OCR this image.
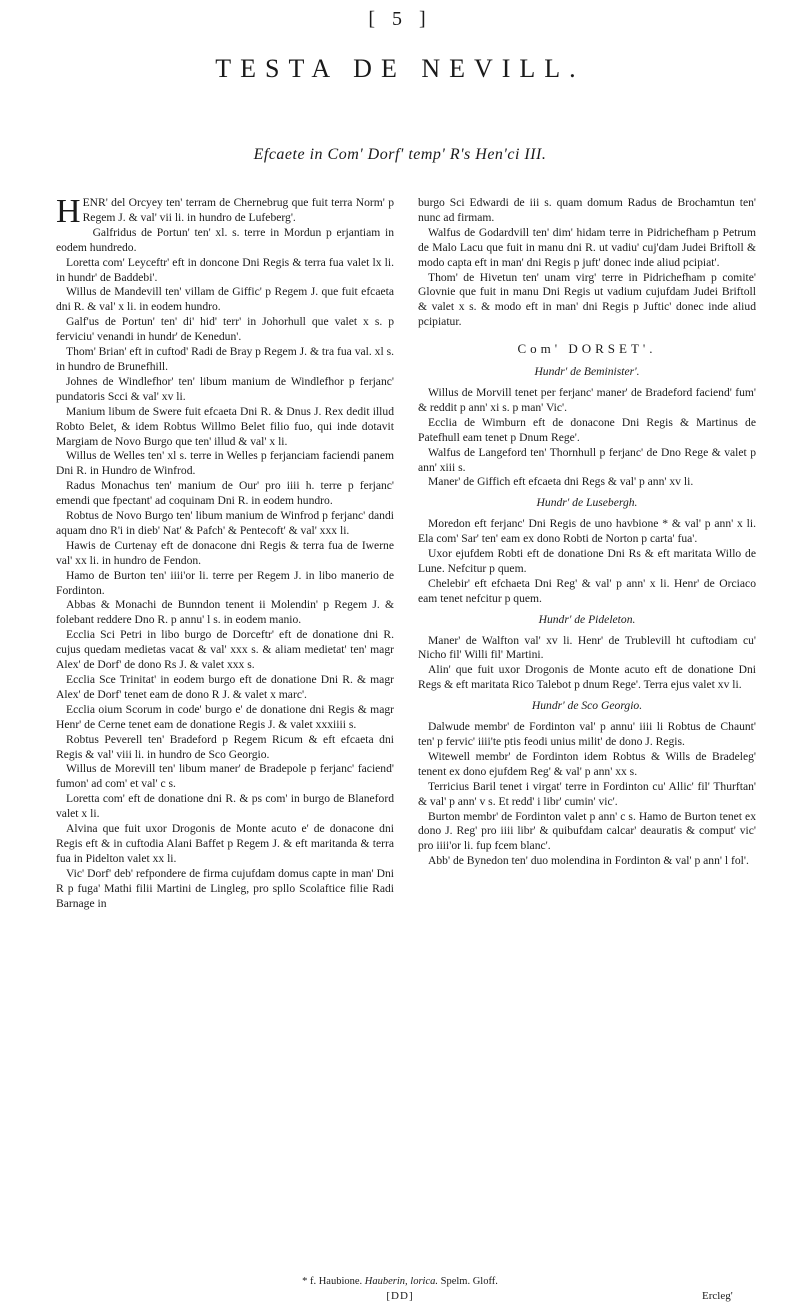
[ 5 ]
TESTA DE NEVILL.
Efcaete in Com' Dorf' temp' R's Hen'ci III.

HENR' del Orcyey ten' terram de Chernebrug que fuit terra Norm' p Regem J. & val' vii li. in hundro de Lufeberg'.

Galfridus de Portun' ten' xl. s. terre in Mordun p erjantiam in eodem hundredo.

Loretta com' Leyceftr' eft in doncone Dni Regis & terra fua valet lx li. in hundr' de Baddebi'.

Willus de Mandevill ten' villam de Giffic' p Regem J. que fuit efcaeta dni R. & val' x li. in eodem hundro.

Galf'us de Portun' ten' di' hid' terr' in Johorhull que valet x s. p ferviciu' venandi in hundr' de Kenedun'.

Thom' Brian' eft in cuftod' Radi de Bray p Regem J. & tra fua val. xl s. in hundro de Brunefhill.

Johnes de Windlefhor' ten' libum manium de Windlefhor p ferjanc' pundatoris Scci & val' xv li.

Manium libum de Swere fuit efcaeta Dni R. & Dnus J. Rex dedit illud Robto Belet, & idem Robtus Willmo Belet filio fuo, qui inde dotavit Margiam de Novo Burgo que ten' illud & val' x li.

Willus de Welles ten' xl s. terre in Welles p ferjanciam faciendi panem Dni R. in Hundro de Winfrod.

Radus Monachus ten' manium de Our' pro iiii h. terre p ferjanc' emendi que fpectant' ad coquinam Dni R. in eodem hundro.

Robtus de Novo Burgo ten' libum manium de Winfrod p ferjanc' dandi aquam dno R'i in dieb' Nat' & Pafch' & Pentecoft' & val' xxx li.

Hawis de Curtenay eft de donacone dni Regis & terra fua de Iwerne val' xx li. in hundro de Fendon.

Hamo de Burton ten' iiii'or li. terre per Regem J. in libo manerio de Fordinton.

Abbas & Monachi de Bunndon tenent ii Molendin' p Regem J. & folebant reddere Dno R. p annu' l s. in eodem manio.

Ecclia Sci Petri in libo burgo de Dorceftr' eft de donatione dni R. cujus quedam medietas vacat & val' xxx s. & aliam medietat' ten' magr Alex' de Dorf' de dono Rs J. & valet xxx s.

Ecclia Sce Trinitat' in eodem burgo eft de donatione Dni R. & magr Alex' de Dorf' tenet eam de dono R J. & valet x marc'.

Ecclia oium Scorum in code' burgo e' de donatione dni Regis & magr Henr' de Cerne tenet eam de donatione Regis J. & valet xxxiiii s.

Robtus Peverell ten' Bradeford p Regem Ricum & eft efcaeta dni Regis & val' viii li. in hundro de Sco Georgio.

Willus de Morevill ten' libum maner' de Bradepole p ferjanc' faciend' fumon' ad com' et val' c s.

Loretta com' eft de donatione dni R. & ps com' in burgo de Blaneford valet x li.

Alvina que fuit uxor Drogonis de Monte acuto e' de donacone dni Regis eft & in cuftodia Alani Baffet p Regem J. & eft maritanda & terra fua in Pidelton valet xx li.

Vic' Dorf' deb' refpondere de firma cujufdam domus capte in man' Dni R p fuga' Mathi filii Martini de Lingleg, pro spllo Scolaftice filie Radi Barnage in

burgo Sci Edwardi de iii s. quam domum Radus de Brochamtun ten' nunc ad firmam.

Walfus de Godardvill ten' dim' hidam terre in Pidrichefham p Petrum de Malo Lacu que fuit in manu dni R. ut vadiu' cuj'dam Judei Briftoll & modo capta eft in man' dni Regis p juft' donec inde aliud pcipiat'.

Thom' de Hivetun ten' unam virg' terre in Pidrichefham p comite' Glovnie que fuit in manu Dni Regis ut vadium cujufdam Judei Briftoll & valet x s. & modo eft in man' dni Regis p Juftic' donec inde aliud pcipiatur.

Com' DORSET'.
Hundr' de Beminister'.

Willus de Morvill tenet per ferjanc' maner' de Bradeford faciend' fum' & reddit p ann' xi s. p man' Vic'.

Ecclia de Wimburn eft de donacone Dni Regis & Martinus de Patefhull eam tenet p Dnum Rege'.

Walfus de Langeford ten' Thornhull p ferjanc' de Dno Rege & valet p ann' xiii s.

Maner' de Giffich eft efcaeta dni Regs & val' p ann' xv li.

Hundr' de Lusebergh.

Moredon eft ferjanc' Dni Regis de uno havbione * & val' p ann' x li. Ela com' Sar' ten' eam ex dono Robti de Norton p carta' fua'.

Uxor ejufdem Robti eft de donatione Dni Rs & eft maritata Willo de Lune. Nefcitur p quem.

Chelebir' eft efchaeta Dni Reg' & val' p ann' x li. Henr' de Orciaco eam tenet nefcitur p quem.

Hundr' de Pideleton.

Maner' de Walfton val' xv li. Henr' de Trublevill ht cuftodiam cu' Nicho fil' Willi fil' Martini.

Alin' que fuit uxor Drogonis de Monte acuto eft de donatione Dni Regs & eft maritata Rico Talebot p dnum Rege'. Terra ejus valet xv li.

Hundr' de Sco Georgio.

Dalwude membr' de Fordinton val' p annu' iiii li Robtus de Chaunt' ten' p fervic' iiii'te ptis feodi unius milit' de dono J. Regis.

Witewell membr' de Fordinton idem Robtus & Wills de Bradeleg' tenent ex dono ejufdem Reg' & val' p ann' xx s.

Terricius Baril tenet i virgat' terre in Fordinton cu' Allic' fil' Thurftan' & val' p ann' v s. Et redd' i libr' cumin' vic'.

Burton membr' de Fordinton valet p ann' c s. Hamo de Burton tenet ex dono J. Reg' pro iiii libr' & quibufdam calcar' deauratis & comput' vic' pro iiii'or li. fup fcem blanc'.

Abb' de Bynedon ten' duo molendina in Fordinton & val' p ann' l fol'.

* f. Haubione. Hauberin, lorica. Spelm. Gloff.
[DD]	Ercleg'
